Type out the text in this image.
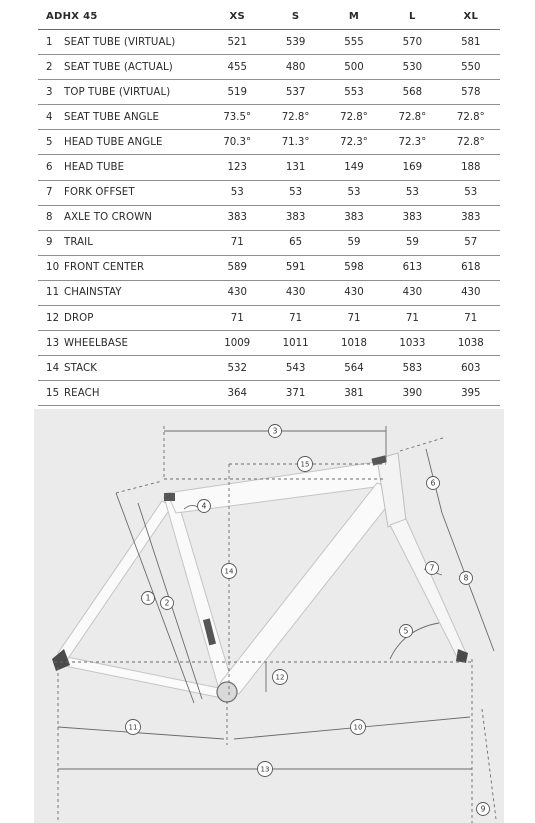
ADHX 45	XS	S	M	L	XL
1 SEAT TUBE (VIRTUAL)	521	539	555	570	581
2 SEAT TUBE (ACTUAL)	455	480	500	530	550
3 TOP TUBE (VIRTUAL)	519	537	553	568	578
4 SEAT TUBE ANGLE	73.5°	72.8°	72.8°	72.8°	72.8°
5 HEAD TUBE ANGLE	70.3°	71.3°	72.3°	72.3°	72.8°
6 HEAD TUBE	123	131	149	169	188
7 FORK OFFSET	53	53	53	53	53
8 AXLE TO CROWN	383	383	383	383	383
9 TRAIL	71	65	59	59	57
10 FRONT CENTER	589	591	598	613	618
11 CHAINSTAY	430	430	430	430	430
12 DROP	71	71	71	71	71
13 WHEELBASE	1009	1011	1018	1033	1038
14 STACK	532	543	564	583	603
15 REACH	364	371	381	390	395
1
2
3
4
5
6
7
8
9
10
11
12
13
14
15
